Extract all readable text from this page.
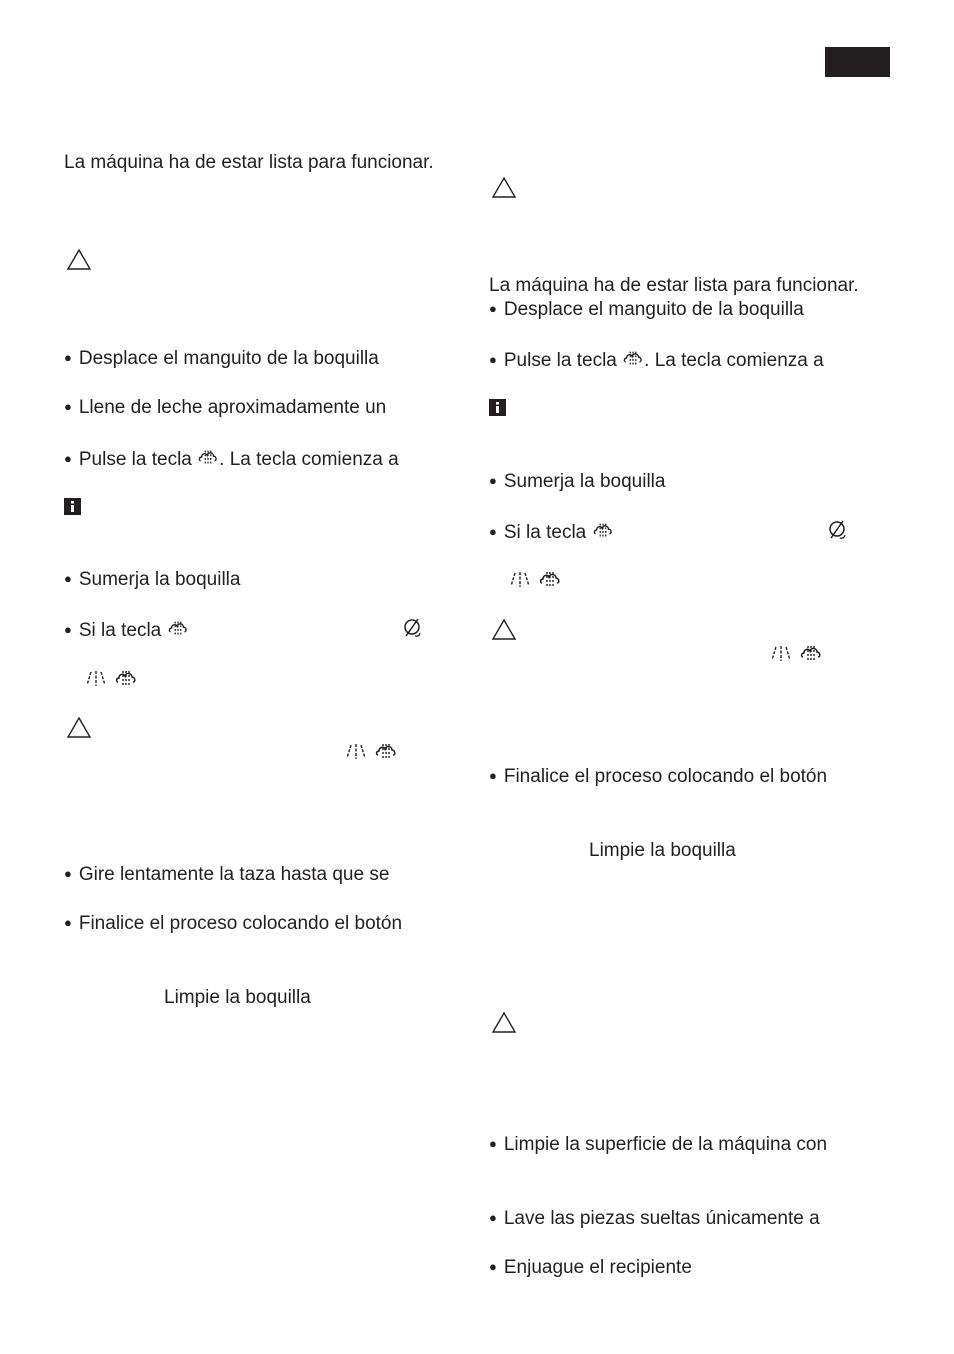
La máquina ha de estar lista para funcionar.
● Desplace el manguito de la boquilla
● Llene de leche aproximadamente un
● Pulse la tecla . La tecla comienza a
● Sumerja la boquilla
● Si la tecla
● Gire lentamente la taza hasta que se
● Finalice el proceso colocando el botón
Limpie la boquilla
La máquina ha de estar lista para funcionar.
● Desplace el manguito de la boquilla
● Pulse la tecla . La tecla comienza a
● Sumerja la boquilla
● Si la tecla
● Finalice el proceso colocando el botón
Limpie la boquilla
● Limpie la superficie de la máquina con
● Lave las piezas sueltas únicamente a
● Enjuague el recipiente
